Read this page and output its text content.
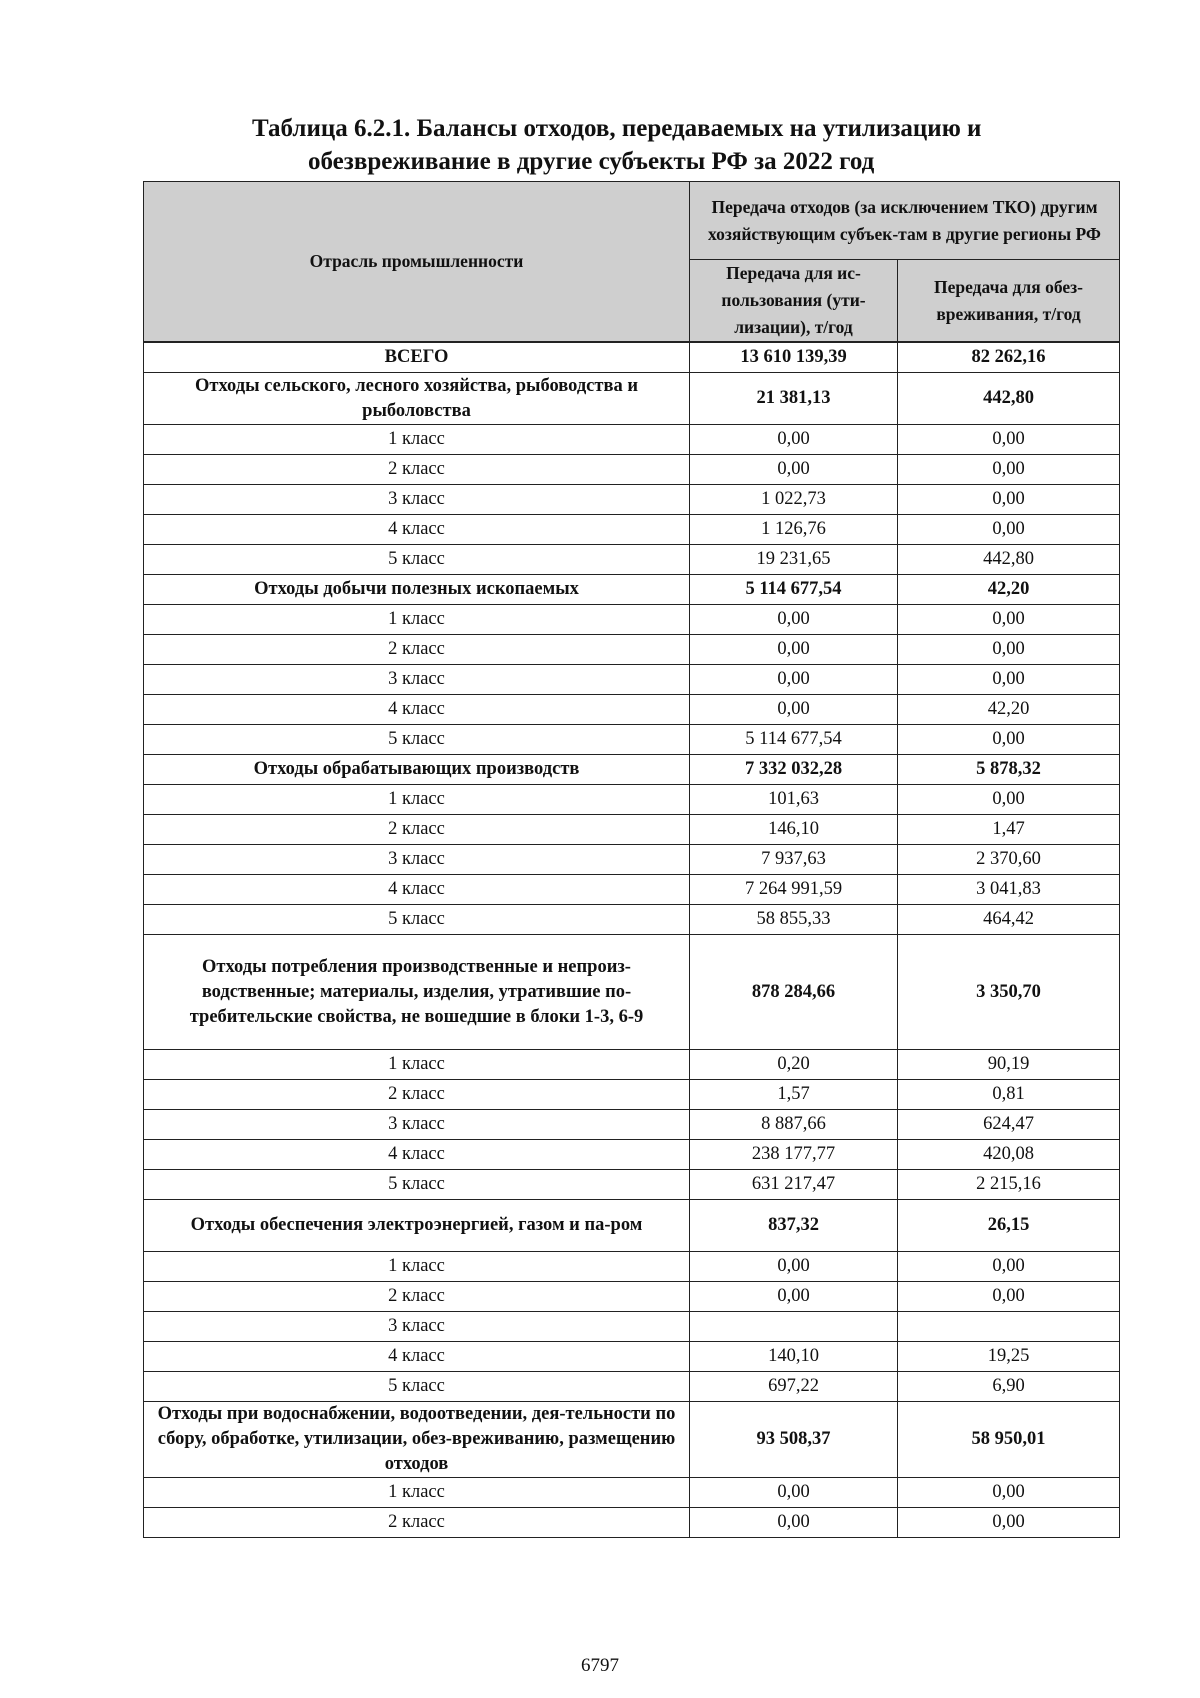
Таблица 6.2.1. Балансы отходов, передаваемых на утилизацию и
обезвреживание в другие субъекты РФ за 2022 год
Отрасль промышленности	Передача отходов (за исключением ТКО) другим хозяйствующим субъек-там в другие регионы РФ	
	Передача для ис-пользования (ути-лизации), т/год	Передача для обез-вреживания, т/год
ВСЕГО	13 610 139,39	82 262,16
Отходы сельского, лесного хозяйства, рыбоводства и рыболовства	21 381,13	442,80
1 класс	0,00	0,00
2 класс	0,00	0,00
3 класс	1 022,73	0,00
4 класс	1 126,76	0,00
5 класс	19 231,65	442,80
Отходы добычи полезных ископаемых	5 114 677,54	42,20
1 класс	0,00	0,00
2 класс	0,00	0,00
3 класс	0,00	0,00
4 класс	0,00	42,20
5 класс	5 114 677,54	0,00
Отходы обрабатывающих производств	7 332 032,28	5 878,32
1 класс	101,63	0,00
2 класс	146,10	1,47
3 класс	7 937,63	2 370,60
4 класс	7 264 991,59	3 041,83
5 класс	58 855,33	464,42
Отходы потребления производственные и непроиз-водственные; материалы, изделия, утратившие по-требительские свойства, не вошедшие в блоки 1-3, 6-9	878 284,66	3 350,70
1 класс	0,20	90,19
2 класс	1,57	0,81
3 класс	8 887,66	624,47
4 класс	238 177,77	420,08
5 класс	631 217,47	2 215,16
Отходы обеспечения электроэнергией, газом и па-ром	837,32	26,15
1 класс	0,00	0,00
2 класс	0,00	0,00
3 класс		
4 класс	140,10	19,25
5 класс	697,22	6,90
Отходы при водоснабжении, водоотведении, дея-тельности по сбору, обработке, утилизации, обез-вреживанию, размещению отходов	93 508,37	58 950,01
1 класс	0,00	0,00
2 класс	0,00	0,00
6797
